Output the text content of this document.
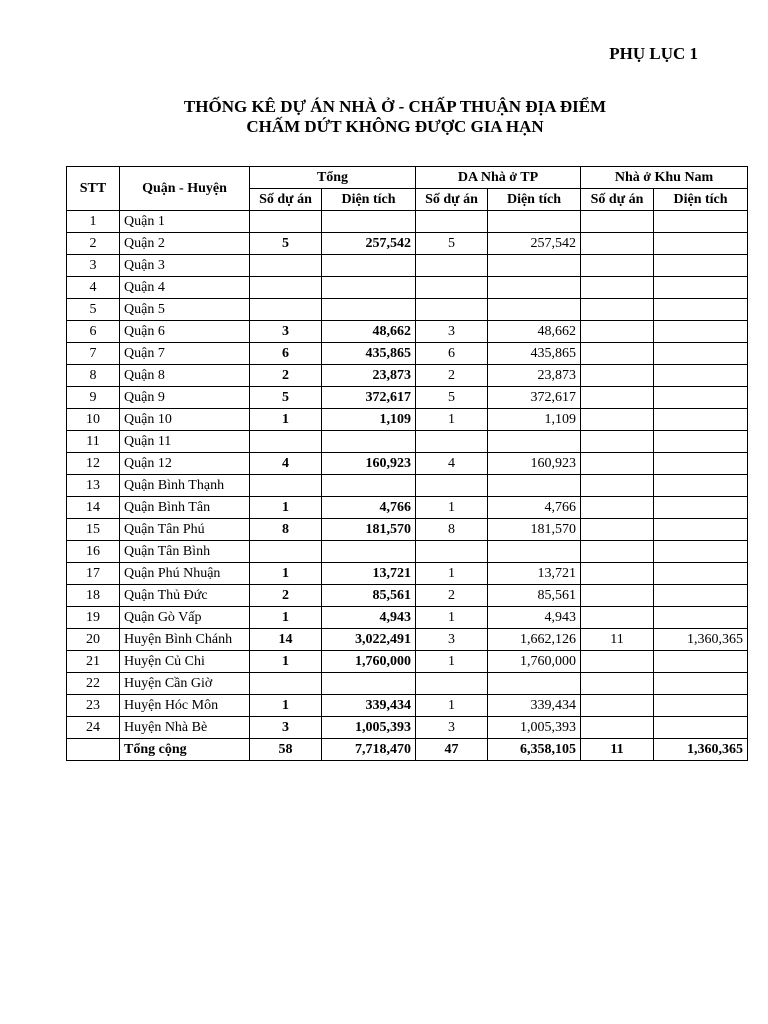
PHỤ LỤC 1
THỐNG KÊ DỰ ÁN NHÀ Ở - CHẤP THUẬN ĐỊA ĐIỂM
CHẤM DỨT KHÔNG ĐƯỢC GIA HẠN
STT	Quận - Huyện	Tổng		DA Nhà ở TP		Nhà ở Khu Nam	
		Số dự án	Diện tích	Số dự án	Diện tích	Số dự án	Diện tích
1	Quận 1						
2	Quận 2	5	257,542	5	257,542		
3	Quận 3						
4	Quận 4						
5	Quận 5						
6	Quận 6	3	48,662	3	48,662		
7	Quận 7	6	435,865	6	435,865		
8	Quận 8	2	23,873	2	23,873		
9	Quận 9	5	372,617	5	372,617		
10	Quận 10	1	1,109	1	1,109		
11	Quận 11						
12	Quận 12	4	160,923	4	160,923		
13	Quận Bình Thạnh						
14	Quận Bình Tân	1	4,766	1	4,766		
15	Quận Tân Phú	8	181,570	8	181,570		
16	Quận Tân Bình						
17	Quận Phú Nhuận	1	13,721	1	13,721		
18	Quận Thủ Đức	2	85,561	2	85,561		
19	Quận Gò Vấp	1	4,943	1	4,943		
20	Huyện Bình Chánh	14	3,022,491	3	1,662,126	11	1,360,365
21	Huyện Củ Chi	1	1,760,000	1	1,760,000		
22	Huyện Cần Giờ						
23	Huyện Hóc Môn	1	339,434	1	339,434		
24	Huyện Nhà Bè	3	1,005,393	3	1,005,393		
	Tổng cộng	58	7,718,470	47	6,358,105	11	1,360,365
